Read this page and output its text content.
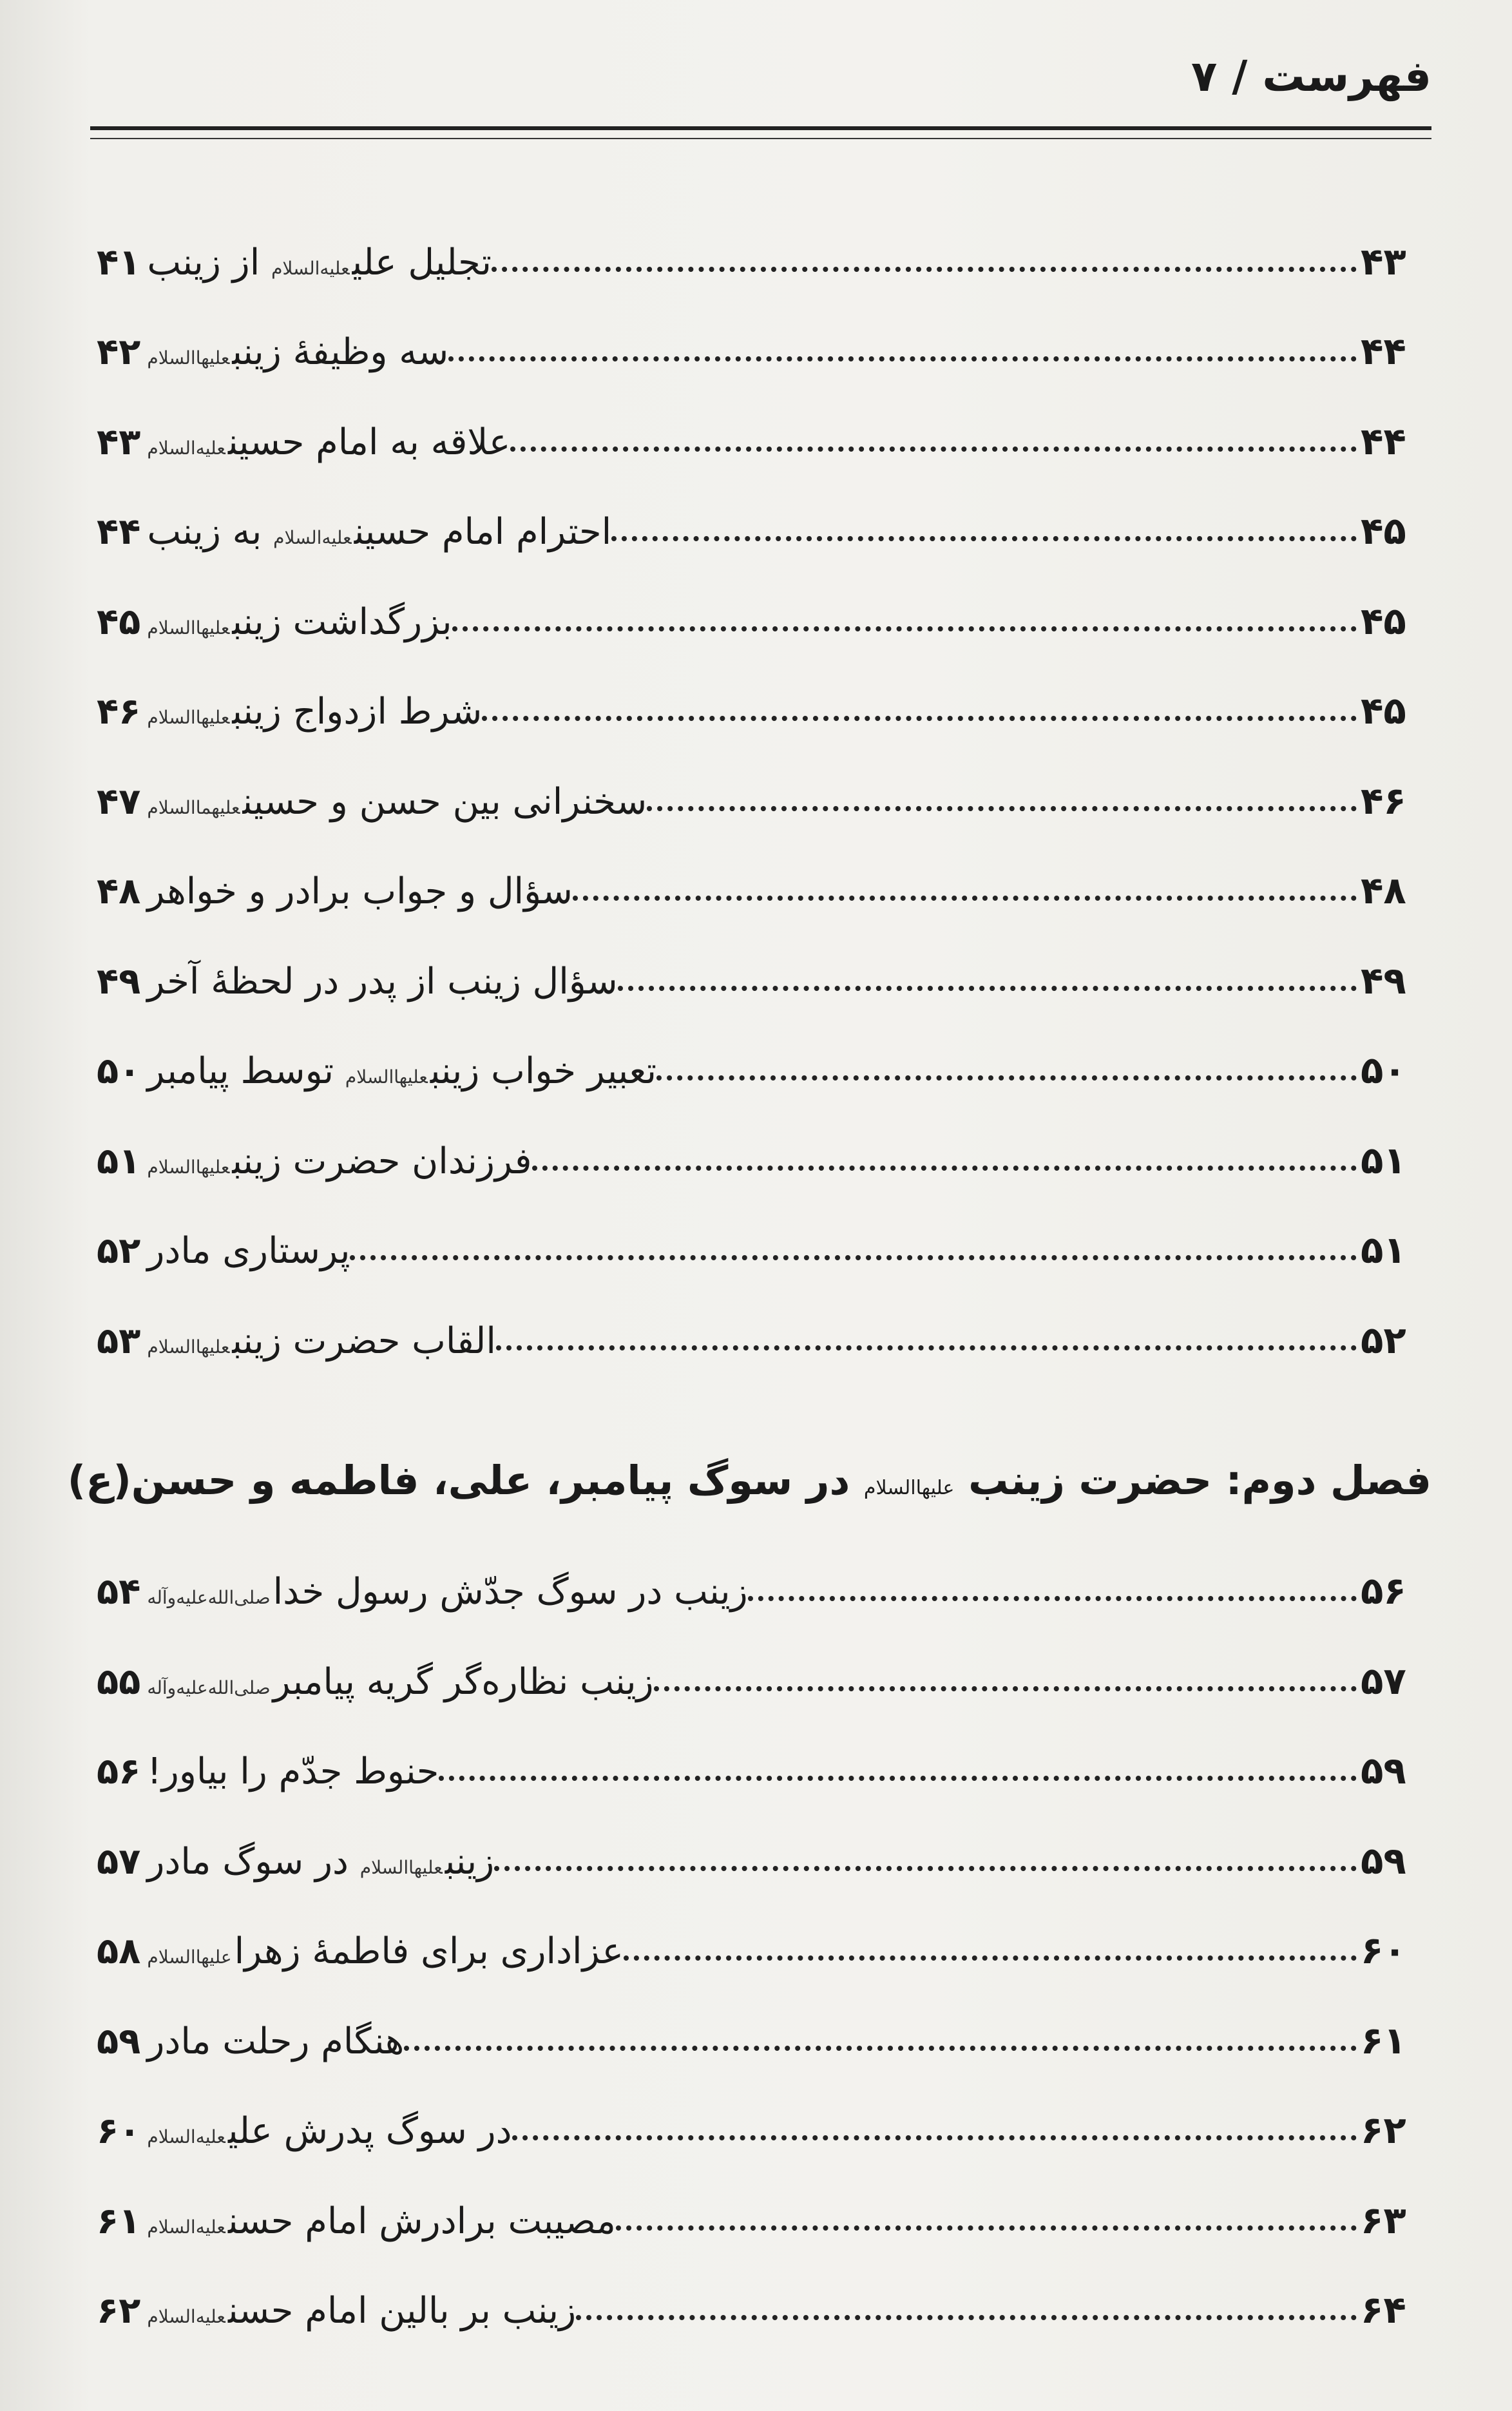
فهرست / ۷
۴۱	تجلیل علیعلیه‌السلام از زینب	۴۳
۴۲	سه وظیفهٔ زینبعلیهاالسلام	۴۴
۴۳	علاقه به امام حسینعلیه‌السلام	۴۴
۴۴	احترام امام حسینعلیه‌السلام به زینب	۴۵
۴۵	بزرگداشت زینبعلیهاالسلام	۴۵
۴۶	شرط ازدواج زینبعلیهاالسلام	۴۵
۴۷	سخنرانی بین حسن و حسینعلیهماالسلام	۴۶
۴۸ سؤال و جواب برادر و خواهر	۴۸
۴۹ سؤال زینب از پدر در لحظهٔ آخر	۴۹
۵۰	تعبیر خواب زینبعلیهاالسلام توسط پیامبر	۵۰
۵۱	فرزندان حضرت زینبعلیهاالسلام	۵۱
۵۲ پرستاری مادر	۵۱
۵۳	القاب حضرت زینبعلیهاالسلام	۵۲
فصل دوم: حضرت زینب علیهاالسلام در سوگ پیامبر، علی، فاطمه و حسن(ع)
۵۴	زینب در سوگ جدّش رسول خداصلی‌الله‌علیه‌وآله	۵۶
۵۵	زینب نظاره‌گر گریه پیامبرصلی‌الله‌علیه‌وآله	۵۷
۵۶ حنوط جدّم را بیاور!	۵۹
۵۷	زینبعلیهاالسلام در سوگ مادر	۵۹
۵۸	عزاداری برای فاطمهٔ زهراعلیهاالسلام	۶۰
۵۹ هنگام رحلت مادر	۶۱
۶۰	در سوگ پدرش علیعلیه‌السلام	۶۲
۶۱	مصیبت برادرش امام حسنعلیه‌السلام	۶۳
۶۲	زینب بر بالین امام حسنعلیه‌السلام	۶۴
